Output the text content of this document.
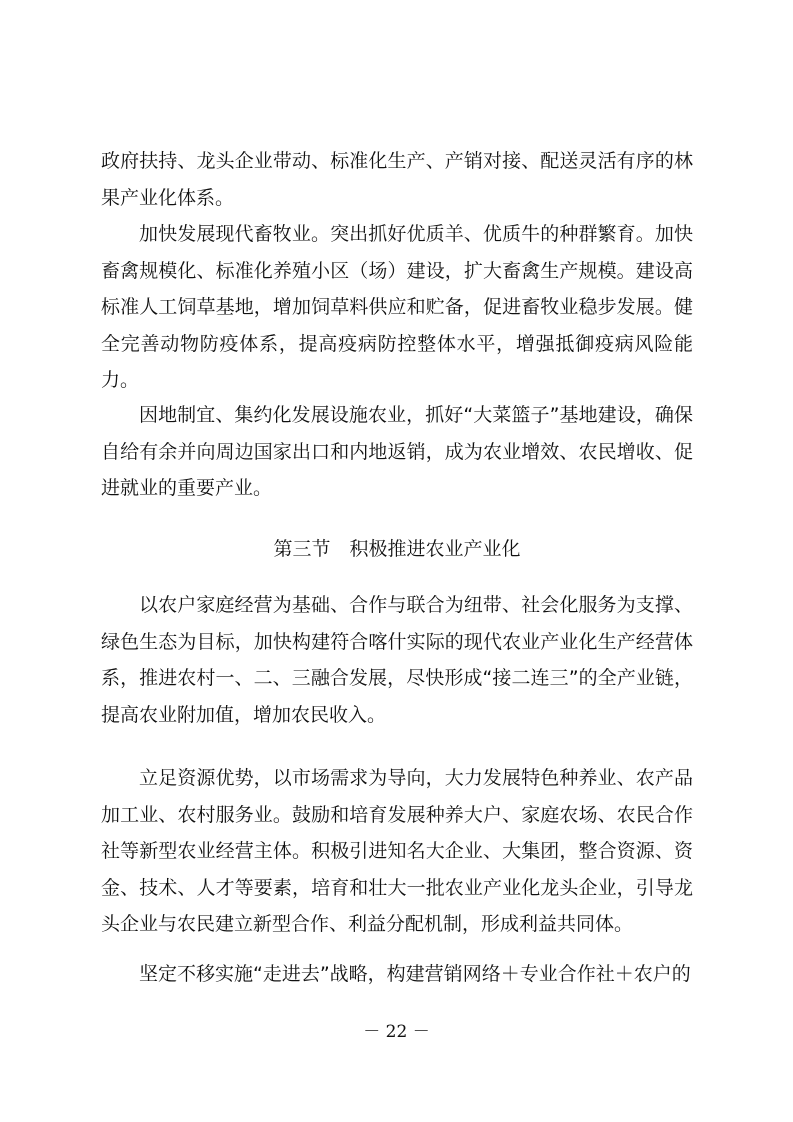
政府扶持、龙头企业带动、标准化生产、产销对接、配送灵活有序的林果产业化体系。

加快发展现代畜牧业。突出抓好优质羊、优质牛的种群繁育。加快畜禽规模化、标准化养殖小区（场）建设，扩大畜禽生产规模。建设高标准人工饲草基地，增加饲草料供应和贮备，促进畜牧业稳步发展。健全完善动物防疫体系，提高疫病防控整体水平，增强抵御疫病风险能力。

因地制宜、集约化发展设施农业，抓好“大菜篮子”基地建设，确保自给有余并向周边国家出口和内地返销，成为农业增效、农民增收、促进就业的重要产业。

第三节　积极推进农业产业化

以农户家庭经营为基础、合作与联合为纽带、社会化服务为支撑、绿色生态为目标，加快构建符合喀什实际的现代农业产业化生产经营体系，推进农村一、二、三融合发展，尽快形成“接二连三”的全产业链，提高农业附加值，增加农民收入。

立足资源优势，以市场需求为导向，大力发展特色种养业、农产品加工业、农村服务业。鼓励和培育发展种养大户、家庭农场、农民合作社等新型农业经营主体。积极引进知名大企业、大集团，整合资源、资金、技术、人才等要素，培育和壮大一批农业产业化龙头企业，引导龙头企业与农民建立新型合作、利益分配机制，形成利益共同体。

坚定不移实施“走进去”战略，构建营销网络＋专业合作社＋农户的

－ 22 －
